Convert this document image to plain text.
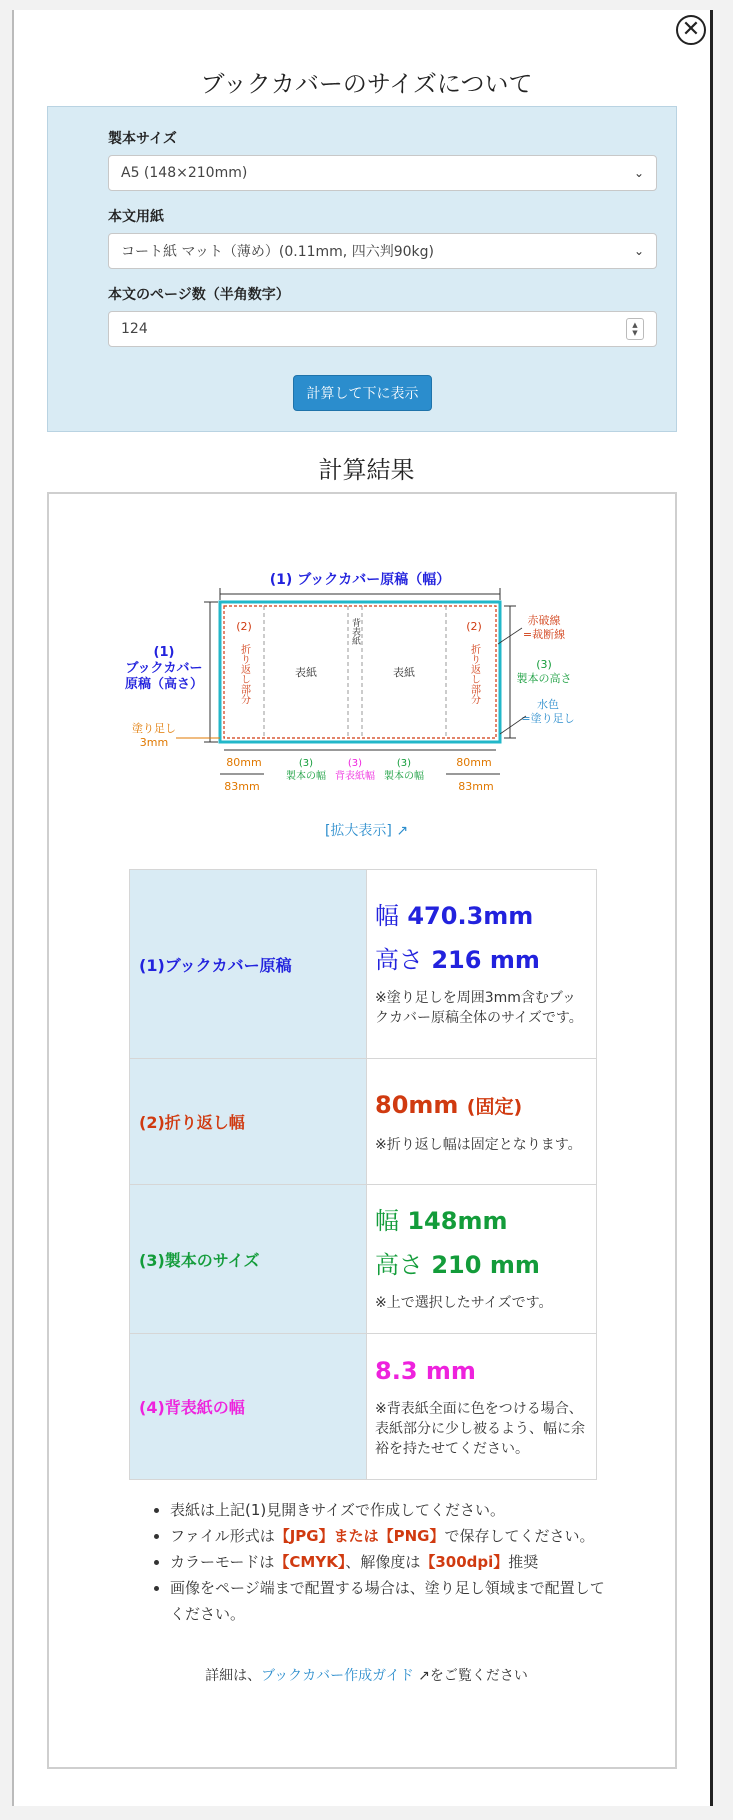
✕
ブックカバーのサイズについて
製本サイズ
A5 (148×210mm)	⌄
本文用紙
コート紙 マット（薄め）(0.11mm, 四六判90kg)	⌄
本文のページ数（半角数字）
124	▲
▼
計算して下に表示
計算結果
(1) ブックカバー原稿（幅）
(2)
折り返し部分	表紙
背表紙
表紙
(2)
折り返し部分
(1)
ブックカバー
原稿（高さ）
塗り足し
3mm
赤破線
=裁断線
(3)
製本の高さ
水色
=塗り足し
80mm
83mm
(3)
製本の幅
(3)
背表紙幅
(3)
製本の幅
80mm
83mm
[拡大表示] ↗
(1)ブックカバー原稿	幅 470.3mm
高さ 216 mm
※塗り足しを周囲3mm含むブックカバー原稿全体のサイズです。

(2)折り返し幅	80mm (固定)
※折り返し幅は固定となります。

(3)製本のサイズ	幅 148mm
高さ 210 mm
※上で選択したサイズです。

(4)背表紙の幅	8.3 mm
※背表紙全面に色をつける場合、表紙部分に少し被るよう、幅に余裕を持たせてください。
• 表紙は上記(1)見開きサイズで作成してください。
• ファイル形式は【JPG】または【PNG】で保存してください。
• カラーモードは【CMYK】、解像度は【300dpi】推奨
• 画像をページ端まで配置する場合は、塗り足し領域まで配置してください。
詳細は、ブックカバー作成ガイド ↗をご覧ください
